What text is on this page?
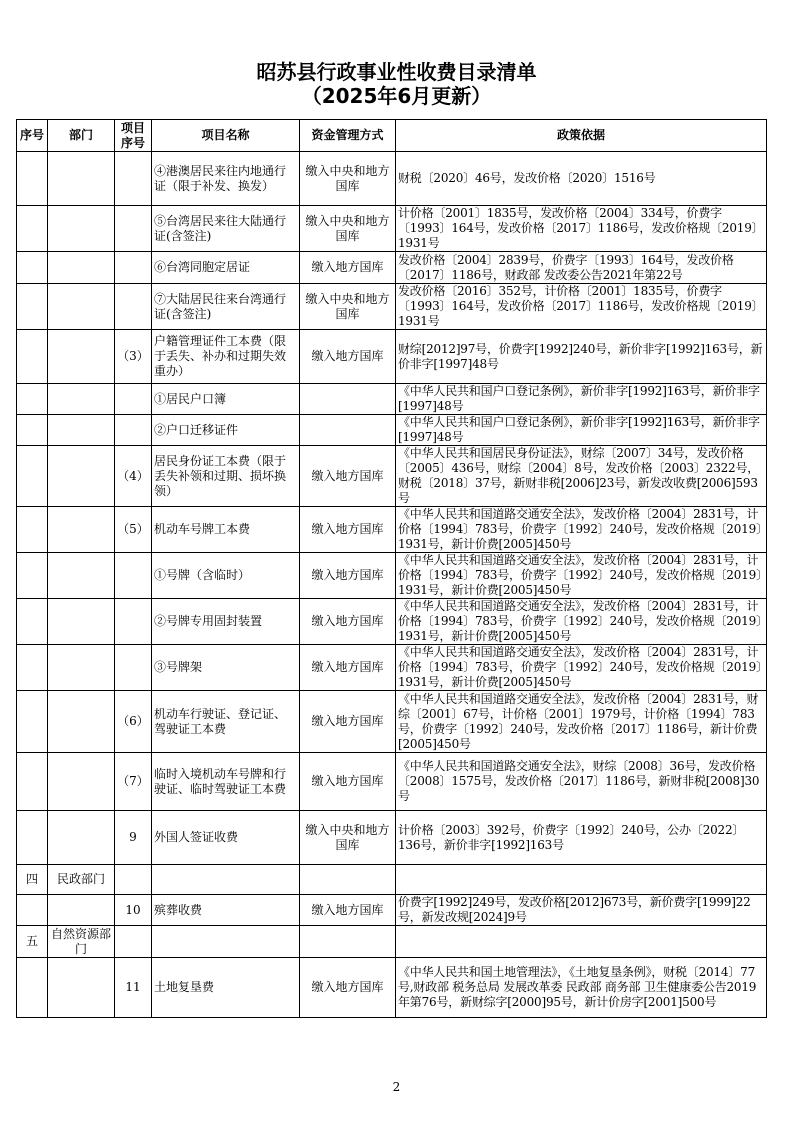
昭苏县行政事业性收费目录清单
（2025年6月更新）
序号	部门	项目序号	项目名称	资金管理方式	政策依据
			④港澳居民来往内地通行证（限于补发、换发）	缴入中央和地方国库	财税〔2020〕46号，发改价格〔2020〕1516号
			⑤台湾居民来往大陆通行证(含签注)	缴入中央和地方国库	计价格〔2001〕1835号，发改价格〔2004〕334号，价费字〔1993〕164号，发改价格〔2017〕1186号，发改价格规〔2019〕1931号
			⑥台湾同胞定居证	缴入地方国库	发改价格〔2004〕2839号，价费字〔1993〕164号，发改价格〔2017〕1186号，财政部 发改委公告2021年第22号
			⑦大陆居民往来台湾通行证(含签注)	缴入中央和地方国库	发改价格〔2016〕352号，计价格〔2001〕1835号，价费字〔1993〕164号，发改价格〔2017〕1186号，发改价格规〔2019〕1931号
		（3）	户籍管理证件工本费（限于丢失、补办和过期失效重办）	缴入地方国库	财综[2012]97号，价费字[1992]240号，新价非字[1992]163号，新价非字[1997]48号
			①居民户口簿		《中华人民共和国户口登记条例》，新价非字[1992]163号，新价非字[1997]48号
			②户口迁移证件		《中华人民共和国户口登记条例》，新价非字[1992]163号，新价非字[1997]48号
		（4）	居民身份证工本费（限于丢失补领和过期、损坏换领）	缴入地方国库	《中华人民共和国居民身份证法》，财综〔2007〕34号，发改价格〔2005〕436号，财综〔2004〕8号，发改价格〔2003〕2322号，财税〔2018〕37号，新财非税[2006]23号，新发改收费[2006]593号
		（5）	机动车号牌工本费	缴入地方国库	《中华人民共和国道路交通安全法》，发改价格〔2004〕2831号，计价格〔1994〕783号，价费字〔1992〕240号，发改价格规〔2019〕1931号，新计价费[2005]450号
			①号牌（含临时）	缴入地方国库	《中华人民共和国道路交通安全法》，发改价格〔2004〕2831号，计价格〔1994〕783号，价费字〔1992〕240号，发改价格规〔2019〕1931号，新计价费[2005]450号
			②号牌专用固封装置	缴入地方国库	《中华人民共和国道路交通安全法》，发改价格〔2004〕2831号，计价格〔1994〕783号，价费字〔1992〕240号，发改价格规〔2019〕1931号，新计价费[2005]450号
			③号牌架	缴入地方国库	《中华人民共和国道路交通安全法》，发改价格〔2004〕2831号，计价格〔1994〕783号，价费字〔1992〕240号，发改价格规〔2019〕1931号，新计价费[2005]450号
		（6）	机动车行驶证、登记证、驾驶证工本费	缴入地方国库	《中华人民共和国道路交通安全法》，发改价格〔2004〕2831号，财综〔2001〕67号，计价格〔2001〕1979号，计价格〔1994〕783号，价费字〔1992〕240号，发改价格〔2017〕1186号，新计价费[2005]450号
		（7）	临时入境机动车号牌和行驶证、临时驾驶证工本费	缴入地方国库	《中华人民共和国道路交通安全法》，财综〔2008〕36号，发改价格〔2008〕1575号，发改价格〔2017〕1186号，新财非税[2008]30号
		9	外国人签证收费	缴入中央和地方国库	计价格〔2003〕392号，价费字〔1992〕240号，公办〔2022〕136号，新价非字[1992]163号
四	民政部门				
		10	殡葬收费	缴入地方国库	价费字[1992]249号，发改价格[2012]673号，新价费字[1999]22号，新发改规[2024]9号
五	自然资源部门				
		11	土地复垦费	缴入地方国库	《中华人民共和国土地管理法》，《土地复垦条例》，财税〔2014〕77号,财政部 税务总局 发展改革委 民政部 商务部 卫生健康委公告2019年第76号，新财综字[2000]95号，新计价房字[2001]500号
2
